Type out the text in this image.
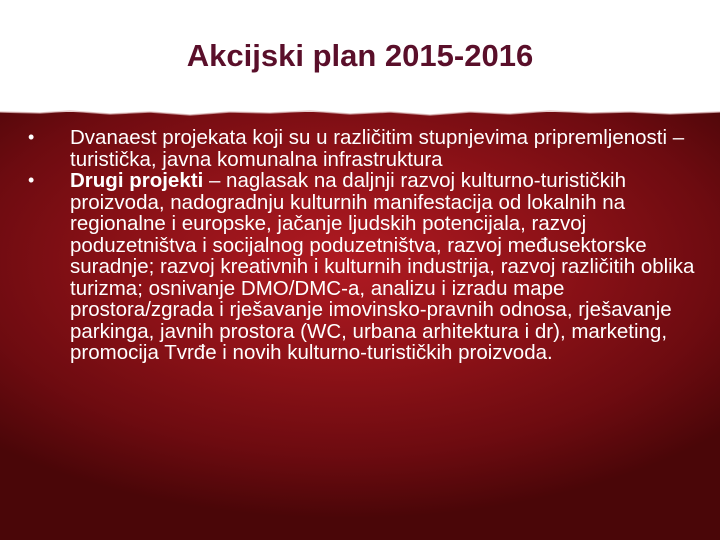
Akcijski plan 2015-2016
•	Dvanaest projekata koji su u različitim stupnjevima pripremljenosti – turistička, javna komunalna infrastruktura
•	Drugi projekti – naglasak na daljnji razvoj kulturno-turističkih proizvoda, nadogradnju kulturnih manifestacija od lokalnih na regionalne i europske, jačanje ljudskih potencijala, razvoj poduzetništva i socijalnog poduzetništva, razvoj međusektorske suradnje; razvoj kreativnih i kulturnih industrija, razvoj različitih oblika turizma; osnivanje DMO/DMC-a, analizu i izradu mape prostora/zgrada i rješavanje imovinsko-pravnih odnosa, rješavanje parkinga, javnih prostora (WC, urbana arhitektura i dr), marketing, promocija Tvrđe i novih kulturno-turističkih proizvoda.
